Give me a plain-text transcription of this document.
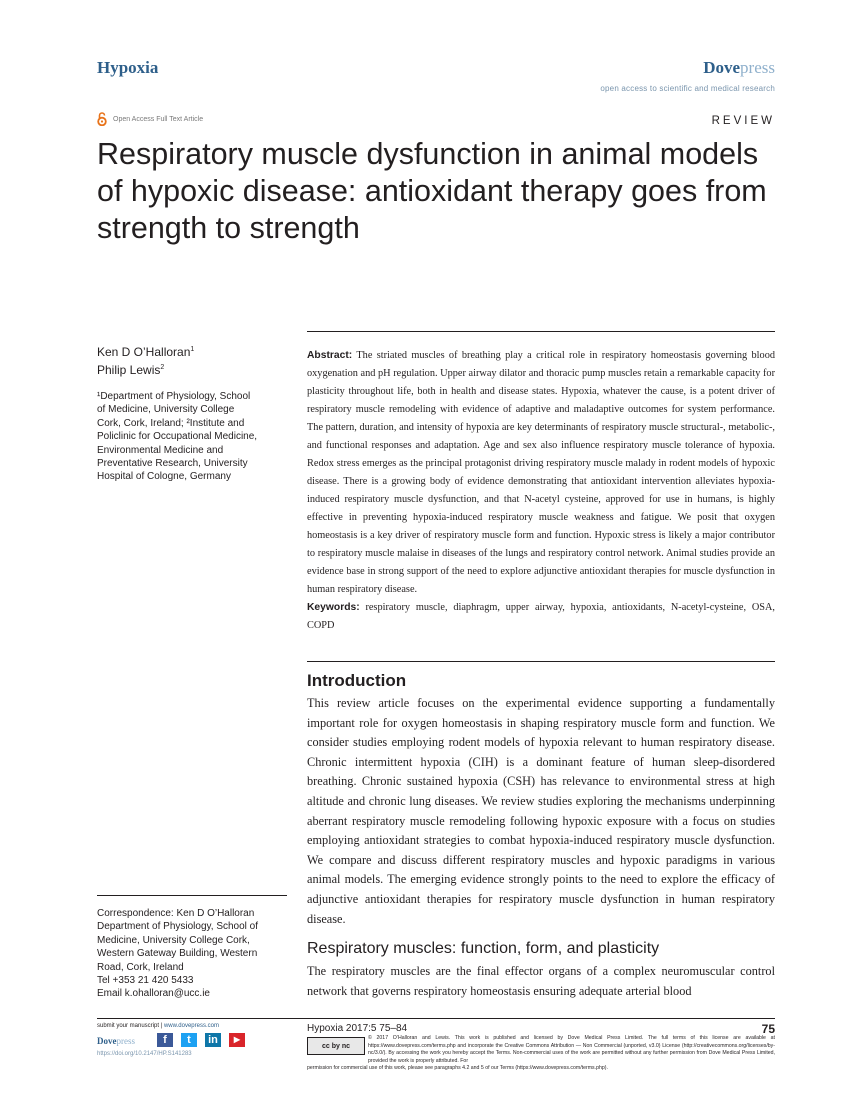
Hypoxia	Dovepress
open access to scientific and medical research
Open Access Full Text Article	REVIEW
Respiratory muscle dysfunction in animal models of hypoxic disease: antioxidant therapy goes from strength to strength
Ken D O’Halloran$^1$
Philip Lewis$^2$
¹Department of Physiology, School
of Medicine, University College
Cork, Cork, Ireland; ²Institute and
Policlinic for Occupational Medicine,
Environmental Medicine and
Preventative Research, University
Hospital of Cologne, Germany
Abstract: The striated muscles of breathing play a critical role in respiratory homeostasis governing blood oxygenation and pH regulation. Upper airway dilator and thoracic pump muscles retain a remarkable capacity for plasticity throughout life, both in health and disease states. Hypoxia, whatever the cause, is a potent driver of respiratory muscle remodeling with evidence of adaptive and maladaptive outcomes for system performance. The pattern, duration, and intensity of hypoxia are key determinants of respiratory muscle structural-, metabolic-, and functional responses and adaptation. Age and sex also influence respiratory muscle tolerance of hypoxia. Redox stress emerges as the principal protagonist driving respiratory muscle malady in rodent models of hypoxic disease. There is a growing body of evidence demonstrating that antioxidant intervention alleviates hypoxia-induced respiratory muscle dysfunction, and that N-acetyl cysteine, approved for use in humans, is highly effective in preventing hypoxia-induced respiratory muscle weakness and fatigue. We posit that oxygen homeostasis is a key driver of respiratory muscle form and function. Hypoxic stress is likely a major contributor to respiratory muscle malaise in diseases of the lungs and respiratory control network. Animal studies provide an evidence base in strong support of the need to explore adjunctive antioxidant therapies for muscle dysfunction in human respiratory disease.
Keywords: respiratory muscle, diaphragm, upper airway, hypoxia, antioxidants, N-acetyl-cysteine, OSA, COPD
Introduction
This review article focuses on the experimental evidence supporting a fundamentally important role for oxygen homeostasis in shaping respiratory muscle form and function. We consider studies employing rodent models of hypoxia relevant to human respiratory disease. Chronic intermittent hypoxia (CIH) is a dominant feature of human sleep-disordered breathing. Chronic sustained hypoxia (CSH) has relevance to environmental stress at high altitude and chronic lung diseases. We review studies exploring the mechanisms underpinning aberrant respiratory muscle remodeling following hypoxic exposure with a focus on studies employing antioxidant strategies to combat hypoxia-induced respiratory muscle dysfunction. We compare and discuss different respiratory muscles and hypoxic paradigms in various animal models. The emerging evidence strongly points to the need to explore the efficacy of adjunctive antioxidant therapies for respiratory muscle dysfunction in human respiratory disease.
Respiratory muscles: function, form, and plasticity
The respiratory muscles are the final effector organs of a complex neuromuscular control network that governs respiratory homeostasis ensuring adequate arterial blood
Correspondence: Ken D O’Halloran
Department of Physiology, School of
Medicine, University College Cork,
Western Gateway Building, Western
Road, Cork, Ireland
Tel +353 21 420 5433
Email k.ohalloran@ucc.ie
submit your manuscript | www.dovepress.com
Dovepress	f	t	in	▶
https://doi.org/10.2147/HP.S141283
Hypoxia 2017:5 75–84	75
cc by nc
© 2017 O’Halloran and Lewis. This work is published and licensed by Dove Medical Press Limited. The full terms of this license are available at https://www.dovepress.com/terms.php and incorporate the Creative Commons Attribution — Non Commercial (unported, v3.0) License (http://creativecommons.org/licenses/by-nc/3.0/). By accessing the work you hereby accept the Terms. Non-commercial uses of the work are permitted without any further permission from Dove Medical Press Limited, provided the work is properly attributed. For
permission for commercial use of this work, please see paragraphs 4.2 and 5 of our Terms (https://www.dovepress.com/terms.php).
